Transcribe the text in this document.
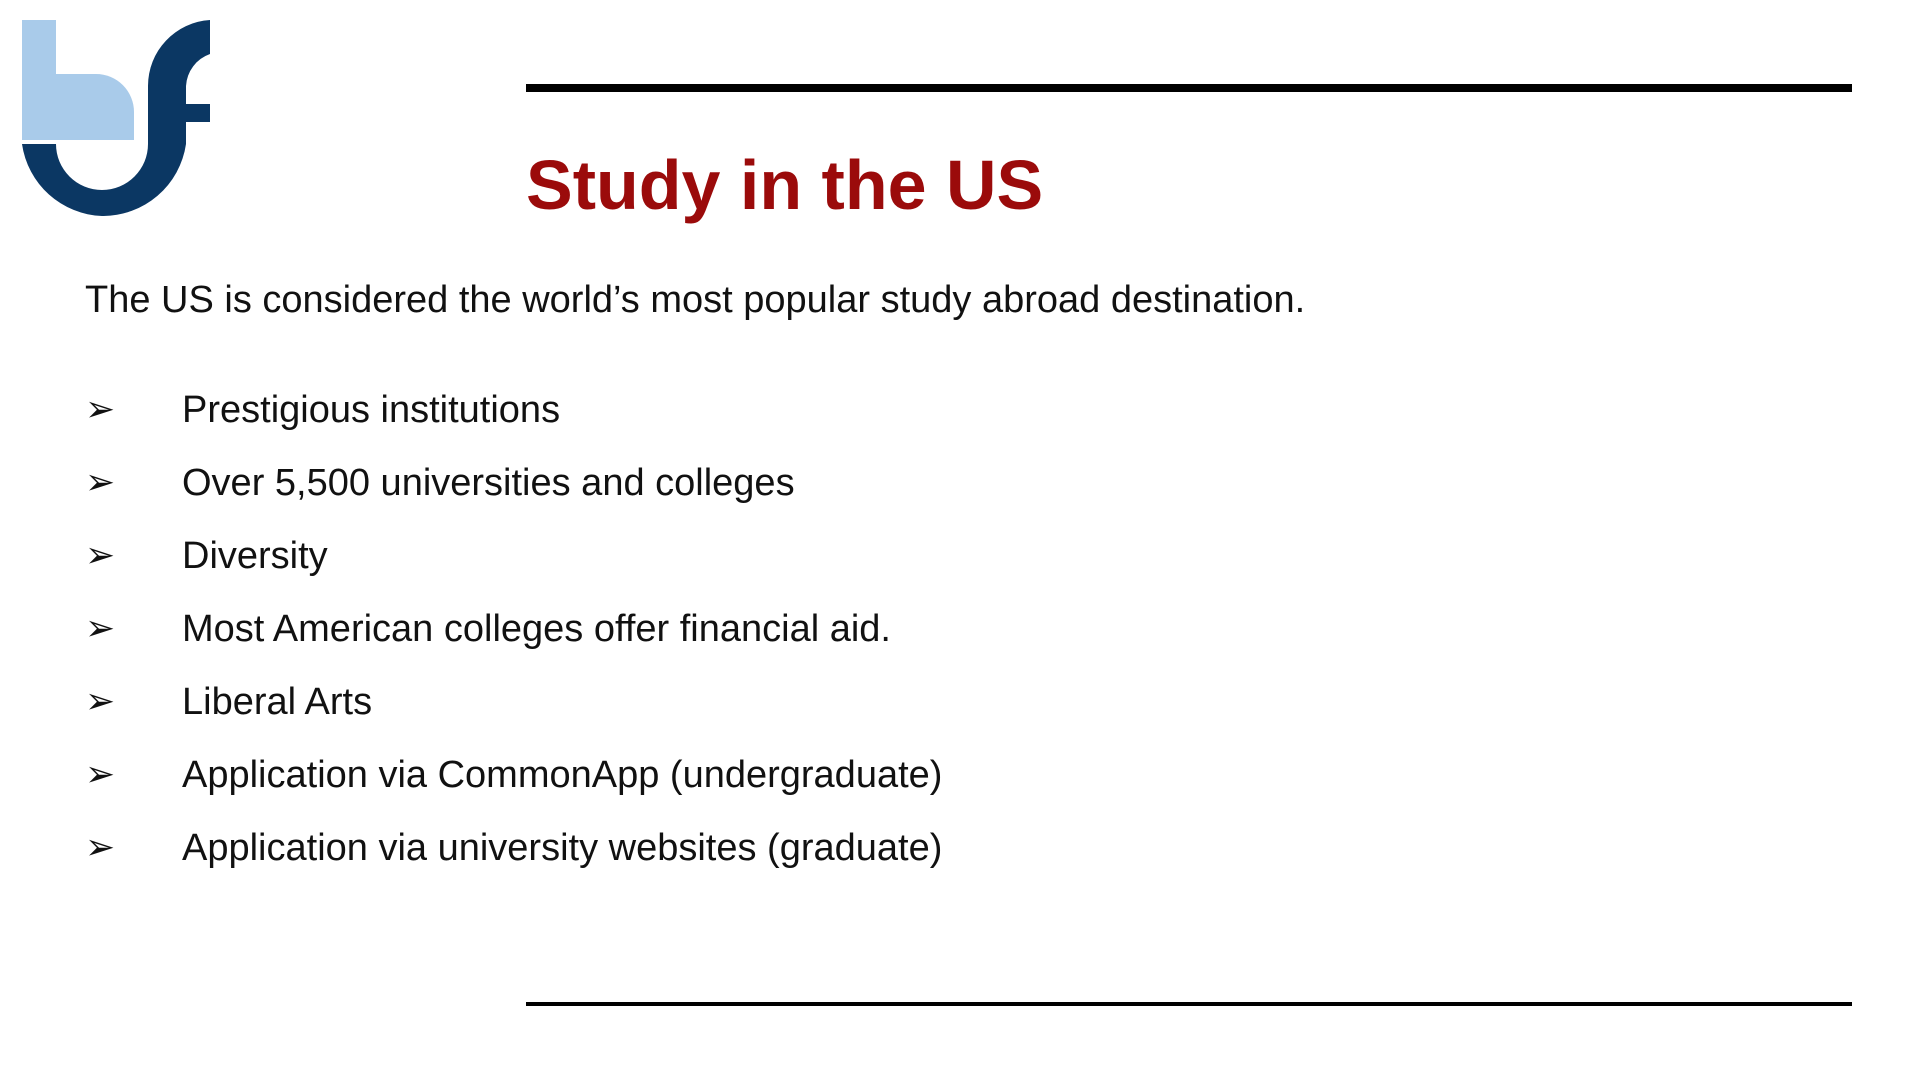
Study in the US

The US is considered the world’s most popular study abroad destination.

➢	Prestigious institutions
➢	Over 5,500 universities and colleges
➢	Diversity
➢	Most American colleges offer financial aid.
➢	Liberal Arts
➢	Application via CommonApp (undergraduate)
➢	Application via university websites (graduate)
